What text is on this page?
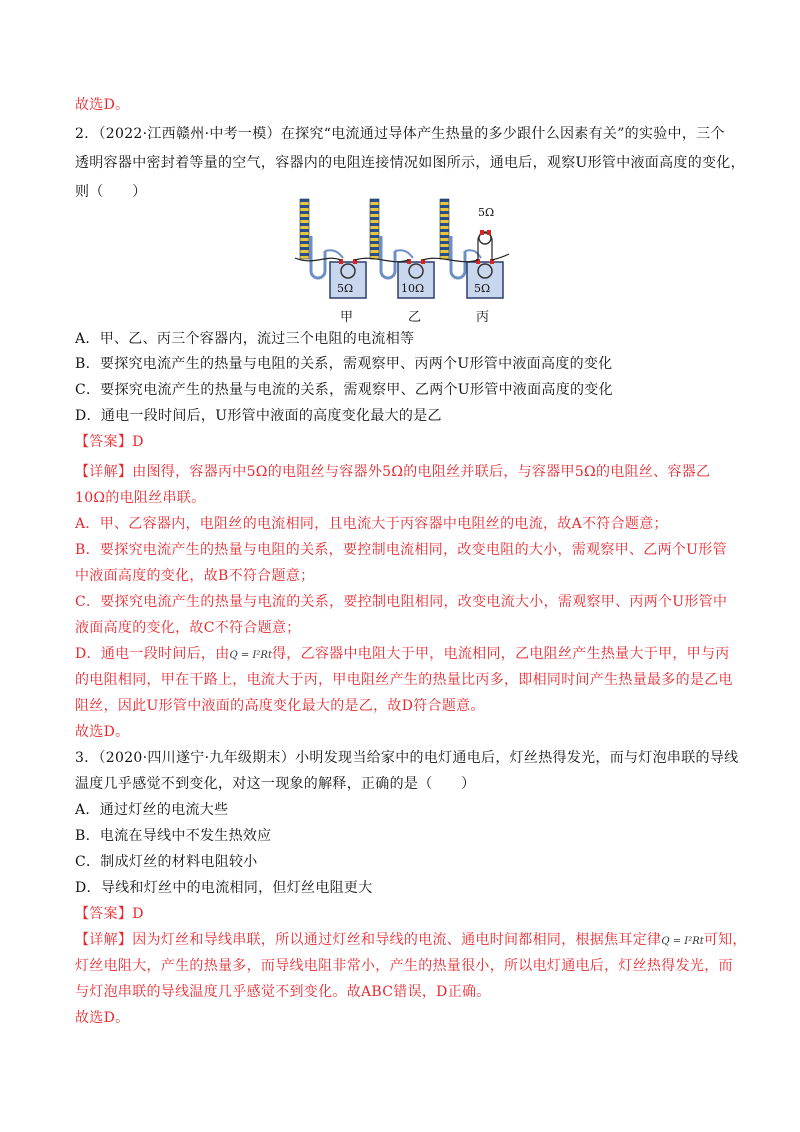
故选D。
2．（2022·江西赣州·中考一模）在探究“电流通过导体产生热量的多少跟什么因素有关”的实验中，三个
透明容器中密封着等量的空气，容器内的电阻连接情况如图所示，通电后，观察U形管中液面高度的变化，
则（　　）
5Ω
5Ω	10Ω	5Ω
甲	乙	丙
A．甲、乙、丙三个容器内，流过三个电阻的电流相等
B．要探究电流产生的热量与电阻的关系，需观察甲、丙两个U形管中液面高度的变化
C．要探究电流产生的热量与电流的关系，需观察甲、乙两个U形管中液面高度的变化
D．通电一段时间后，U形管中液面的高度变化最大的是乙
【答案】D
【详解】由图得，容器丙中5Ω的电阻丝与容器外5Ω的电阻丝并联后，与容器甲5Ω的电阻丝、容器乙
10Ω的电阻丝串联。
A．甲、乙容器内，电阻丝的电流相同，且电流大于丙容器中电阻丝的电流，故A不符合题意；
B．要探究电流产生的热量与电阻的关系，要控制电流相同，改变电阻的大小，需观察甲、乙两个U形管
中液面高度的变化，故B不符合题意；
C．要探究电流产生的热量与电流的关系，要控制电阻相同，改变电流大小，需观察甲、丙两个U形管中
液面高度的变化，故C不符合题意；
D．通电一段时间后，由Q = I²Rt得，乙容器中电阻大于甲，电流相同，乙电阻丝产生热量大于甲，甲与丙
的电阻相同，甲在干路上，电流大于丙，甲电阻丝产生的热量比丙多，即相同时间产生热量最多的是乙电
阻丝，因此U形管中液面的高度变化最大的是乙，故D符合题意。
故选D。
3．（2020·四川遂宁·九年级期末）小明发现当给家中的电灯通电后，灯丝热得发光，而与灯泡串联的导线
温度几乎感觉不到变化，对这一现象的解释，正确的是（　　）
A．通过灯丝的电流大些
B．电流在导线中不发生热效应
C．制成灯丝的材料电阻较小
D．导线和灯丝中的电流相同，但灯丝电阻更大
【答案】D
【详解】因为灯丝和导线串联，所以通过灯丝和导线的电流、通电时间都相同，根据焦耳定律Q = I²Rt可知，
灯丝电阻大，产生的热量多，而导线电阻非常小，产生的热量很小，所以电灯通电后，灯丝热得发光，而
与灯泡串联的导线温度几乎感觉不到变化。故ABC错误，D正确。
故选D。
